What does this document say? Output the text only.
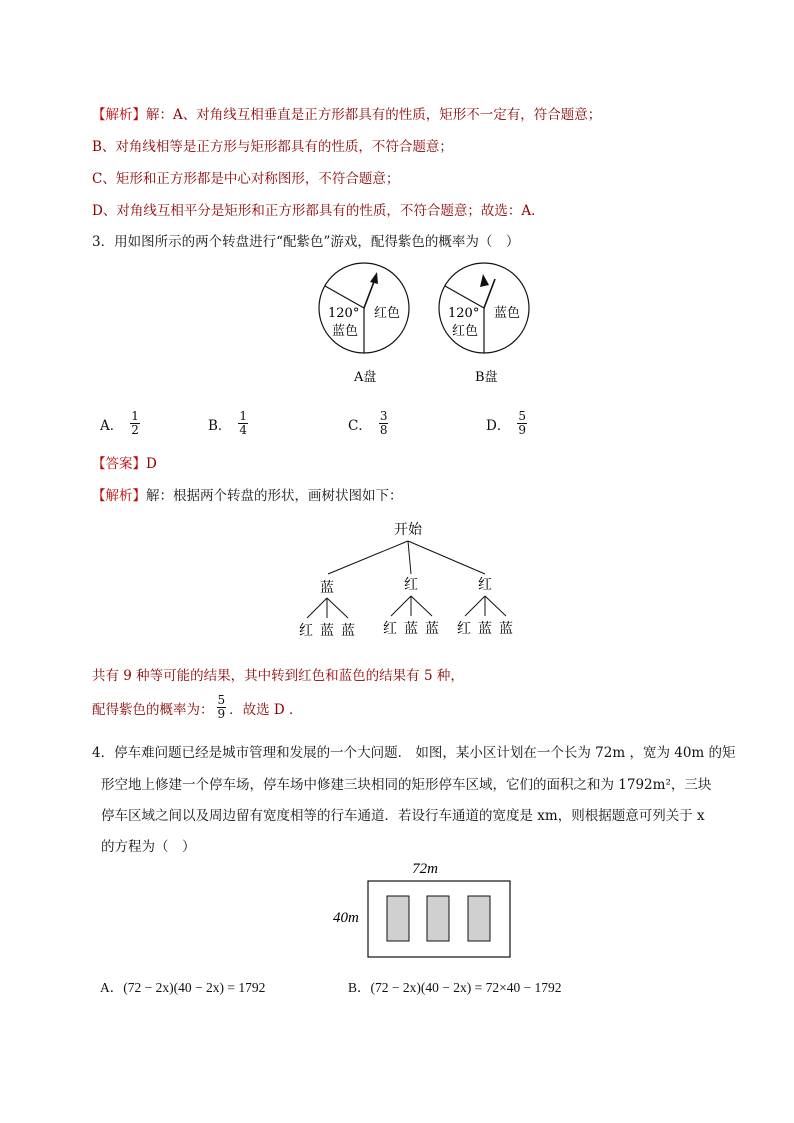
【解析】解：A、对角线互相垂直是正方形都具有的性质，矩形不一定有，符合题意；
B、对角线相等是正方形与矩形都具有的性质，不符合题意；
C、矩形和正方形都是中心对称图形，不符合题意；
D、对角线互相平分是矩形和正方形都具有的性质，不符合题意；故选：A．
3．用如图所示的两个转盘进行“配紫色”游戏，配得紫色的概率为（　）
120°
蓝色
红色
A盘
120°
红色
蓝色
B盘
A． $\frac{1}{2}$	B． $\frac{1}{4}$	C． $\frac{3}{8}$	D． $\frac{5}{9}$
【答案】D
【解析】解：根据两个转盘的形状，画树状图如下：
开始
蓝	红	红
红 蓝 蓝 红 蓝 蓝 红 蓝 蓝
共有 9 种等可能的结果，其中转到红色和蓝色的结果有 5 种，
配得紫色的概率为： $\frac{5}{9}$ ．故选 D ．
4．停车难问题已经是城市管理和发展的一个大问题． 如图，某小区计划在一个长为 72m ，宽为 40m 的矩
形空地上修建一个停车场，停车场中修建三块相同的矩形停车区域，它们的面积之和为 1792m²，三块
停车区域之间以及周边留有宽度相等的行车通道．若设行车通道的宽度是 xm，则根据题意可列关于 x
的方程为（　）
72m
40m
A．(72 − 2x)(40 − 2x) = 1792	B．(72 − 2x)(40 − 2x) = 72×40 − 1792
